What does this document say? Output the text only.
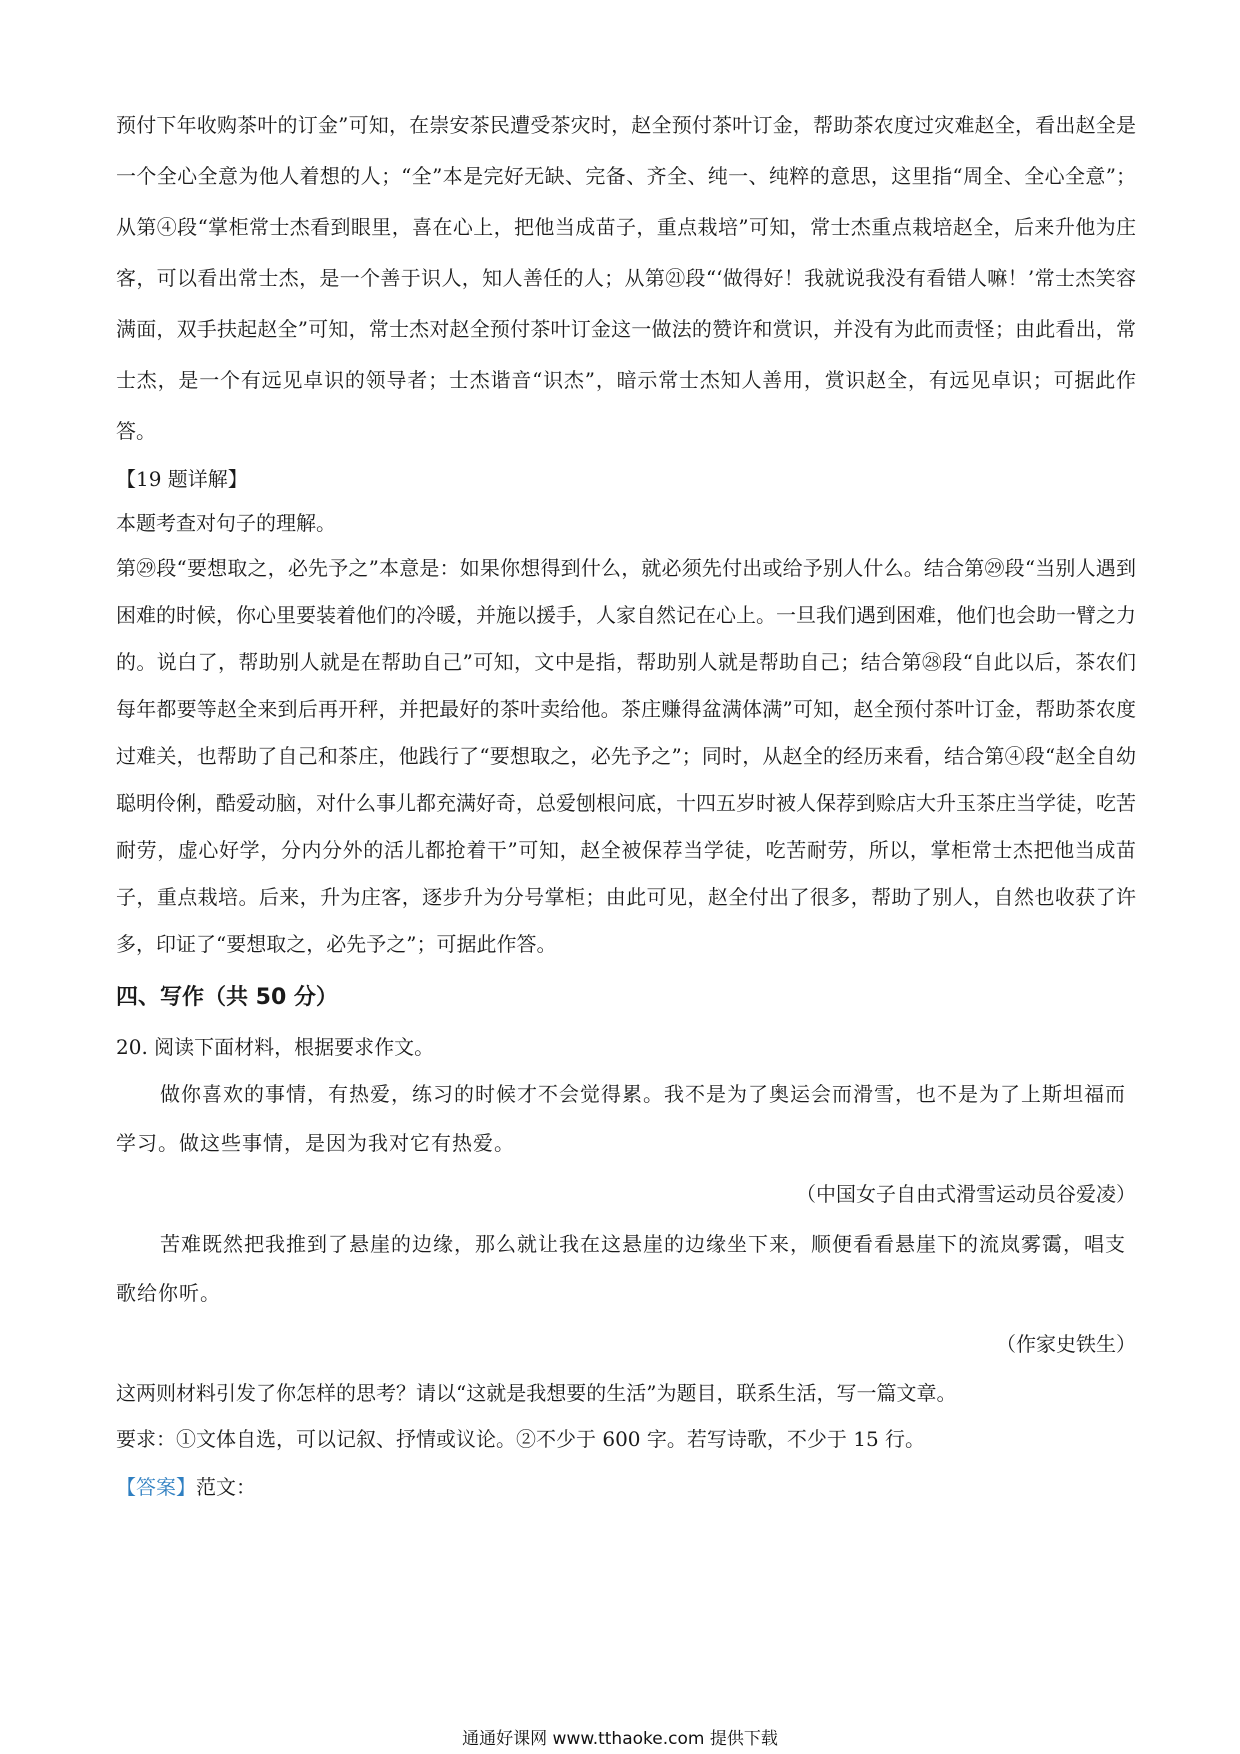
预付下年收购茶叶的订金”可知，在崇安茶民遭受茶灾时，赵全预付茶叶订金，帮助茶农度过灾难赵全，看出赵全是一个全心全意为他人着想的人；“全”本是完好无缺、完备、齐全、纯一、纯粹的意思，这里指“周全、全心全意”；从第④段“掌柜常士杰看到眼里，喜在心上，把他当成苗子，重点栽培”可知，常士杰重点栽培赵全，后来升他为庄客，可以看出常士杰，是一个善于识人，知人善任的人；从第㉑段“‘做得好！我就说我没有看错人嘛！’常士杰笑容满面，双手扶起赵全”可知，常士杰对赵全预付茶叶订金这一做法的赞许和赏识，并没有为此而责怪；由此看出，常士杰，是一个有远见卓识的领导者；士杰谐音“识杰”，暗示常士杰知人善用，赏识赵全，有远见卓识；可据此作答。

【19 题详解】

本题考查对句子的理解。

第㉙段“要想取之，必先予之”本意是：如果你想得到什么，就必须先付出或给予别人什么。结合第㉙段“当别人遇到困难的时候，你心里要装着他们的冷暖，并施以援手，人家自然记在心上。一旦我们遇到困难，他们也会助一臂之力的。说白了，帮助别人就是在帮助自己”可知，文中是指，帮助别人就是帮助自己；结合第㉘段“自此以后，茶农们每年都要等赵全来到后再开秤，并把最好的茶叶卖给他。茶庄赚得盆满体满”可知，赵全预付茶叶订金，帮助茶农度过难关，也帮助了自己和茶庄，他践行了“要想取之，必先予之”；同时，从赵全的经历来看，结合第④段“赵全自幼聪明伶俐，酷爱动脑，对什么事儿都充满好奇，总爱刨根问底，十四五岁时被人保荐到赊店大升玉茶庄当学徒，吃苦耐劳，虚心好学，分内分外的活儿都抢着干”可知，赵全被保荐当学徒，吃苦耐劳，所以，掌柜常士杰把他当成苗子，重点栽培。后来，升为庄客，逐步升为分号掌柜；由此可见，赵全付出了很多，帮助了别人，自然也收获了许多，印证了“要想取之，必先予之”；可据此作答。

四、写作（共 50 分）

20. 阅读下面材料，根据要求作文。

做你喜欢的事情，有热爱，练习的时候才不会觉得累。我不是为了奥运会而滑雪，也不是为了上斯坦福而学习。做这些事情，是因为我对它有热爱。

（中国女子自由式滑雪运动员谷爱凌）

苦难既然把我推到了悬崖的边缘，那么就让我在这悬崖的边缘坐下来，顺便看看悬崖下的流岚雾霭，唱支歌给你听。

（作家史铁生）

这两则材料引发了你怎样的思考？请以“这就是我想要的生活”为题目，联系生活，写一篇文章。

要求：①文体自选，可以记叙、抒情或议论。②不少于 600 字。若写诗歌，不少于 15 行。

【答案】范文：

通通好课网 www.tthaoke.com 提供下载
